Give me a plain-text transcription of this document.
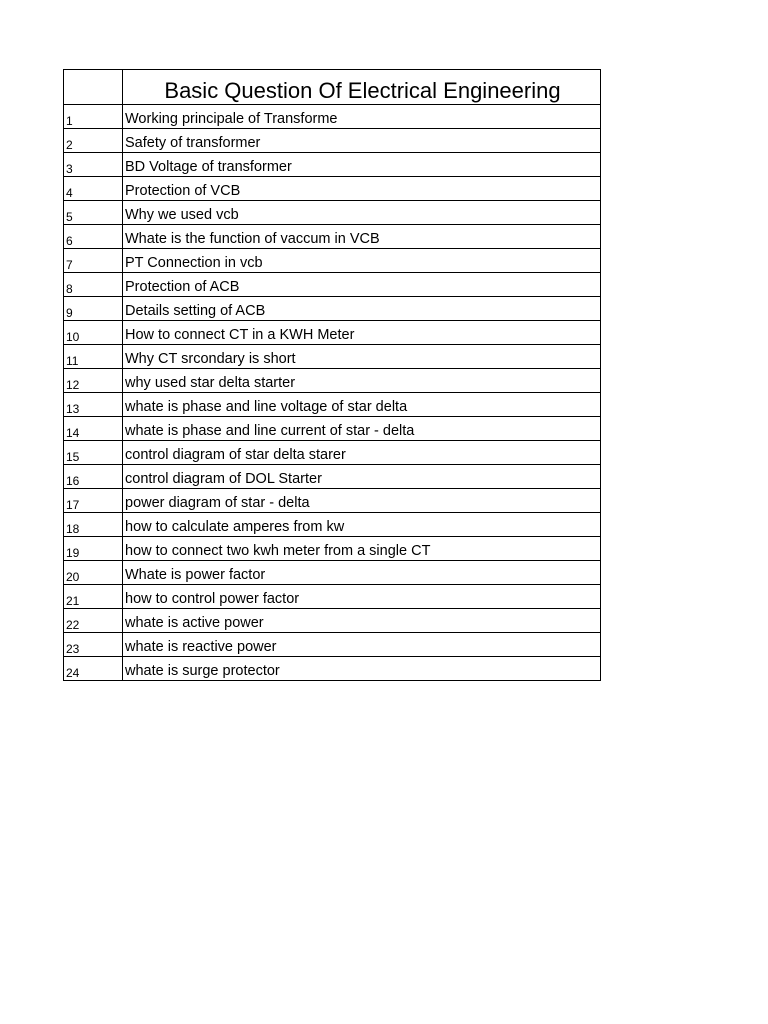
	Basic Question Of Electrical Engineering
1	Working principale of Transforme
2	Safety of transformer
3	BD Voltage of transformer
4	Protection of VCB
5	Why we used vcb
6	Whate is the function of vaccum in VCB
7	PT Connection in vcb
8	Protection of ACB
9	Details setting of ACB
10	How to connect CT in a KWH Meter
11	Why CT srcondary is short
12	why used star delta starter
13	whate is phase and line voltage of star delta
14	whate is phase and line current of star - delta
15	control diagram of star delta starer
16	control diagram of DOL Starter
17	power diagram of star - delta
18	how to calculate amperes from kw
19	how to connect two kwh meter from a single CT
20	Whate is power factor
21	how to control power factor
22	whate is active power
23	whate is reactive power
24	whate is surge protector
